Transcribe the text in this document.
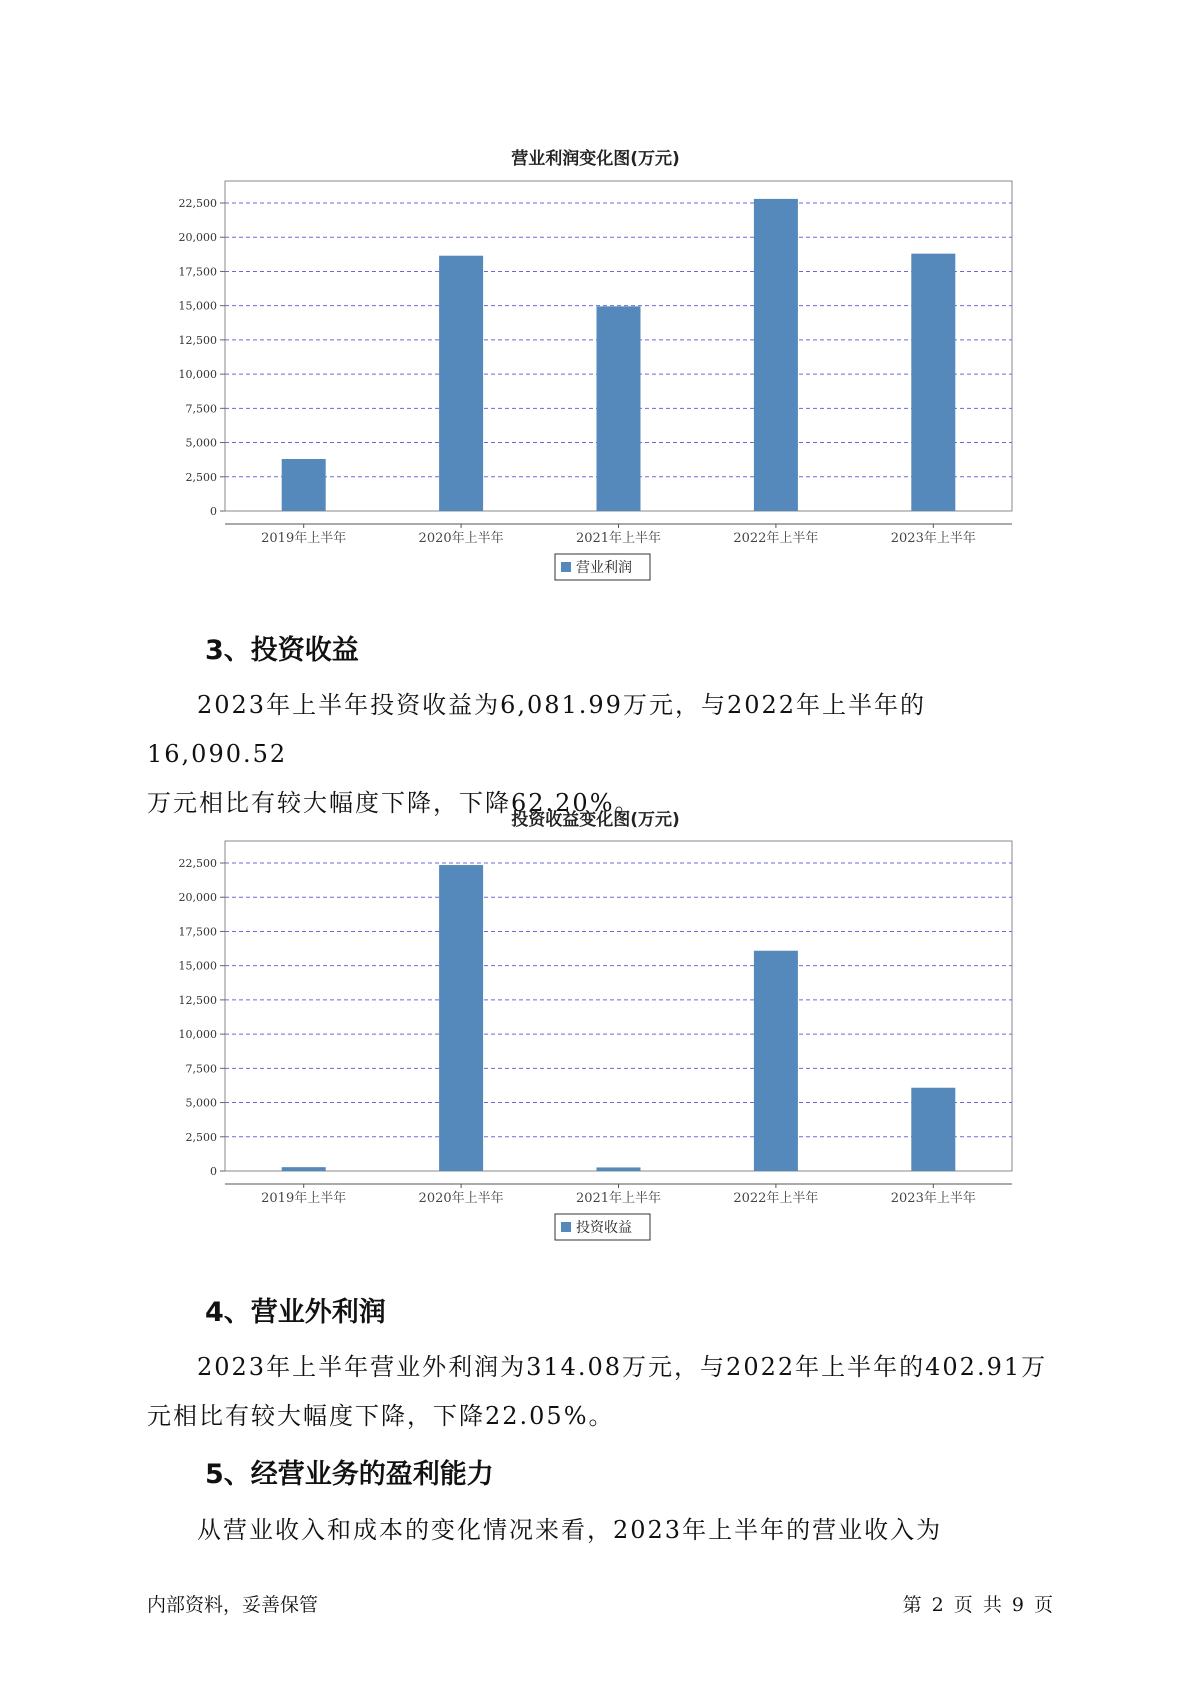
营业利润变化图(万元)
0
2,500
5,000
7,500
10,000
12,500
15,000
17,500
20,000
22,500
2019年上半年	2020年上半年	2021年上半年	2022年上半年	2023年上半年
营业利润
3、投资收益
2023年上半年投资收益为6,081.99万元，与2022年上半年的16,090.52
万元相比有较大幅度下降，下降62.20%。
投资收益变化图(万元)
0
2,500
5,000
7,500
10,000
12,500
15,000
17,500
20,000
22,500
2019年上半年	2020年上半年	2021年上半年	2022年上半年	2023年上半年
投资收益
4、营业外利润
2023年上半年营业外利润为314.08万元，与2022年上半年的402.91万
元相比有较大幅度下降，下降22.05%。
5、经营业务的盈利能力
从营业收入和成本的变化情况来看，2023年上半年的营业收入为
内部资料，妥善保管	第 2 页 共 9 页
